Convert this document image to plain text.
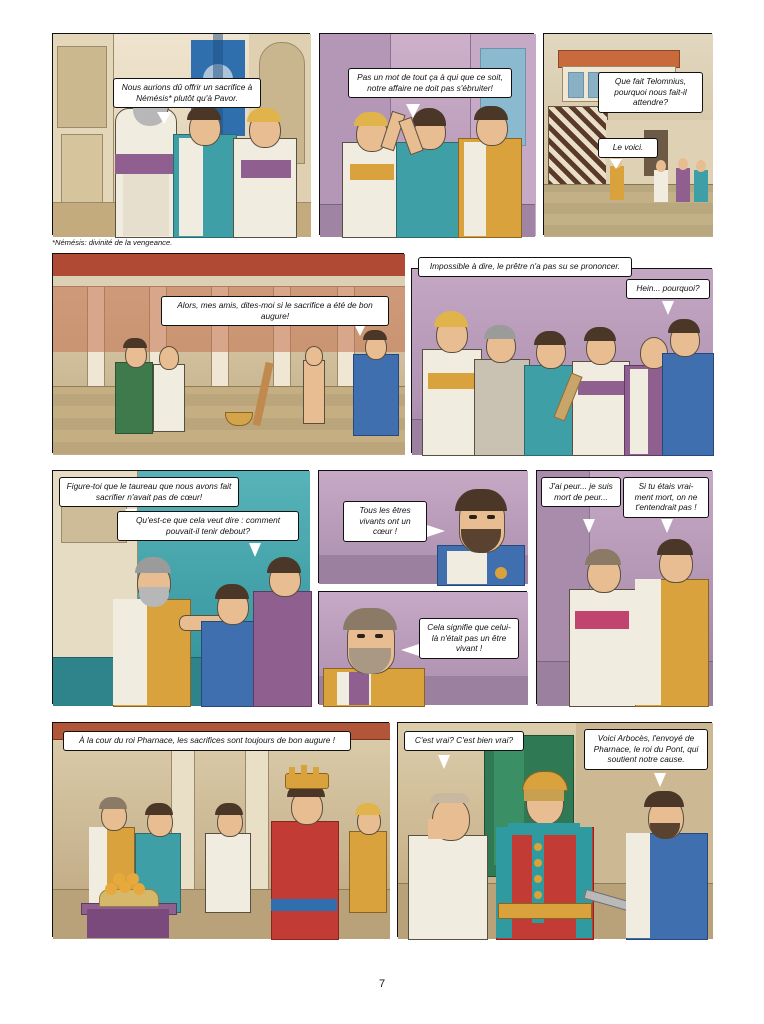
Nous aurions dû offrir un sacrifice à Némésis* plutôt qu'à Pavor.
Pas un mot de tout ça à qui que ce soit, notre affaire ne doit pas s'ébruiter!
Que fait Telomnius, pourquoi nous fait-il attendre?
Le voici.
*Némésis: divinité de la vengeance.
Alors, mes amis, dites-moi si le sacrifice a été de bon augure!
Impossible à dire, le prêtre n'a pas su se prononcer.
Hein... pourquoi?
Figure-toi que le taureau que nous avons fait sacrifier n'avait pas de cœur!
Qu'est-ce que cela veut dire : comment pouvait-il tenir debout?
Tous les êtres vivants ont un cœur !
Cela signifie que celui-là n'était pas un être vivant !
J'ai peur... je suis mort de peur...
Si tu étais vrai-ment mort, on ne t'entendrait pas !
À la cour du roi Pharnace, les sacrifices sont toujours de bon augure !	C'est vrai? C'est bien vrai?	Voici Arbocès, l'envoyé de Pharnace, le roi du Pont, qui soutient notre cause.
7
